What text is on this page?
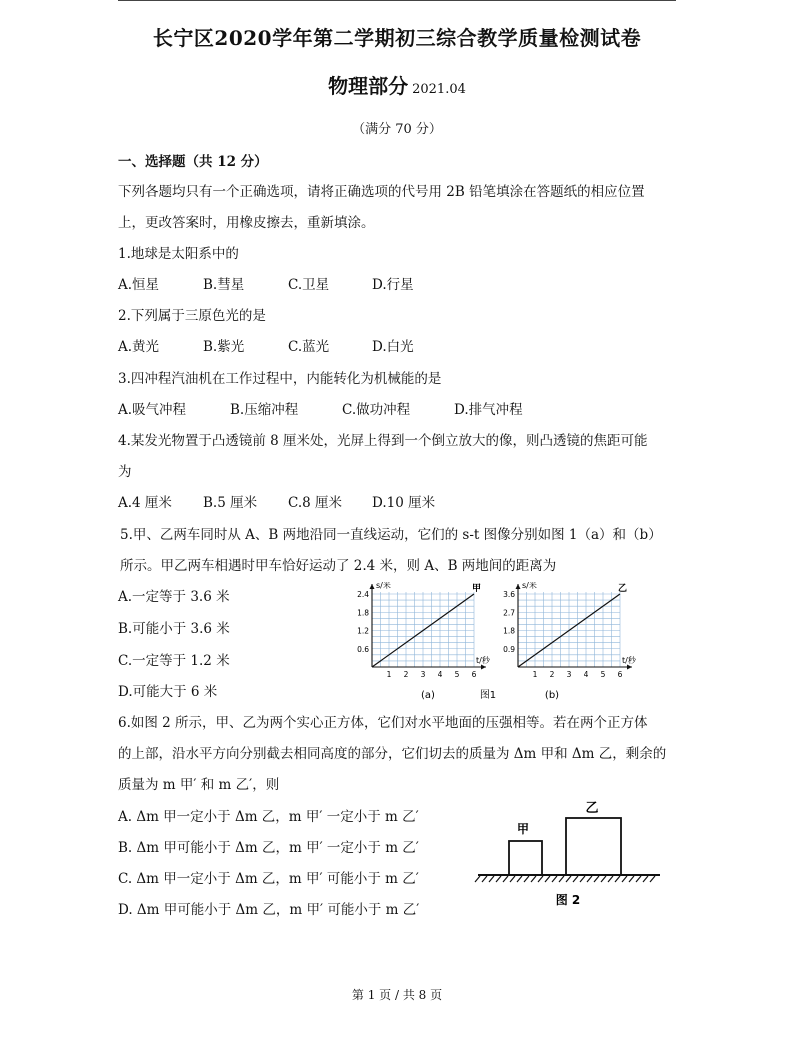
长宁区2020学年第二学期初三综合教学质量检测试卷
物理部分 2021.04
（满分 70 分）
一、选择题（共 12 分）
下列各题均只有一个正确选项，请将正确选项的代号用 2B 铅笔填涂在答题纸的相应位置
上，更改答案时，用橡皮擦去，重新填涂。
1.地球是太阳系中的
A.恒星	B.彗星	C.卫星	D.行星
2.下列属于三原色光的是
A.黄光	B.紫光	C.蓝光	D.白光
3.四冲程汽油机在工作过程中，内能转化为机械能的是
A.吸气冲程	B.压缩冲程	C.做功冲程	D.排气冲程
4.某发光物置于凸透镜前 8 厘米处，光屏上得到一个倒立放大的像，则凸透镜的焦距可能
为
A.4 厘米 B.5 厘米 C.8 厘米 D.10 厘米
5.甲、乙两车同时从 A、B 两地沿同一直线运动，它们的 s-t 图像分别如图 1（a）和（b）
所示。甲乙两车相遇时甲车恰好运动了 2.4 米，则 A、B 两地间的距离为
A.一定等于 3.6 米
B.可能小于 3.6 米
C.一定等于 1.2 米
D.可能大于 6 米	图1
(a)	(b)
s/米
t/秒
1 2 3 4 5 6
0.6
1.2
1.8
2.4
甲	s/米
t/秒
1 2 3 4 5 6
0.9
1.8
2.7
3.6
乙
6.如图 2 所示，甲、乙为两个实心正方体，它们对水平地面的压强相等。若在两个正方体
的上部，沿水平方向分别截去相同高度的部分，它们切去的质量为 Δm 甲和 Δm 乙，剩余的
质量为 m 甲′ 和 m 乙′，则
A. Δm 甲一定小于 Δm 乙，m 甲′ 一定小于 m 乙′
B. Δm 甲可能小于 Δm 乙，m 甲′ 一定小于 m 乙′
C. Δm 甲一定小于 Δm 乙，m 甲′ 可能小于 m 乙′
D. Δm 甲可能小于 Δm 乙，m 甲′ 可能小于 m 乙′
甲
乙
图 2
第 1 页 / 共 8 页
